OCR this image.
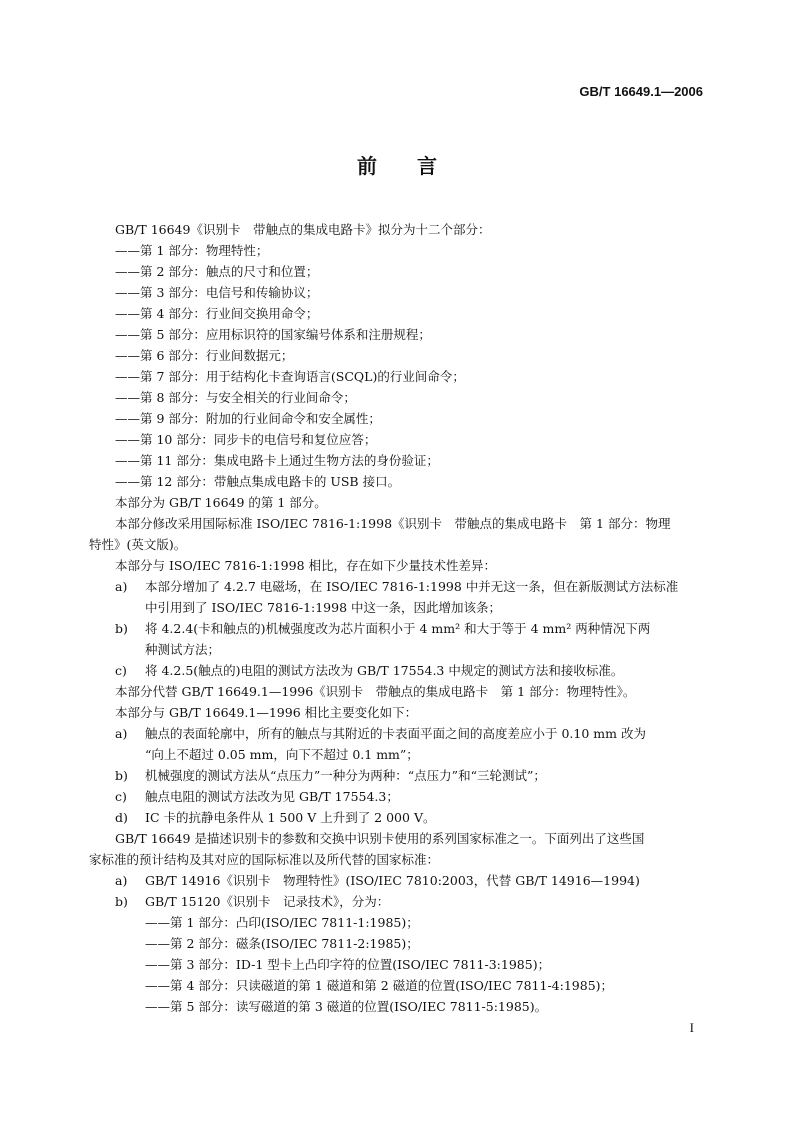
GB/T 16649.1—2006
前言
GB/T 16649《识别卡　带触点的集成电路卡》拟分为十二个部分：
——第 1 部分：物理特性；
——第 2 部分：触点的尺寸和位置；
——第 3 部分：电信号和传输协议；
——第 4 部分：行业间交换用命令；
——第 5 部分：应用标识符的国家编号体系和注册规程；
——第 6 部分：行业间数据元；
——第 7 部分：用于结构化卡查询语言(SCQL)的行业间命令；
——第 8 部分：与安全相关的行业间命令；
——第 9 部分：附加的行业间命令和安全属性；
——第 10 部分：同步卡的电信号和复位应答；
——第 11 部分：集成电路卡上通过生物方法的身份验证；
——第 12 部分：带触点集成电路卡的 USB 接口。
本部分为 GB/T 16649 的第 1 部分。
本部分修改采用国际标准 ISO/IEC 7816-1:1998《识别卡　带触点的集成电路卡　第 1 部分：物理
特性》(英文版)。
本部分与 ISO/IEC 7816-1:1998 相比，存在如下少量技术性差异：
a)	本部分增加了 4.2.7 电磁场，在 ISO/IEC 7816-1:1998 中并无这一条，但在新版测试方法标准
中引用到了 ISO/IEC 7816-1:1998 中这一条，因此增加该条；
b)	将 4.2.4(卡和触点的)机械强度改为芯片面积小于 4 mm² 和大于等于 4 mm² 两种情况下两
种测试方法；
c)	将 4.2.5(触点的)电阻的测试方法改为 GB/T 17554.3 中规定的测试方法和接收标准。
本部分代替 GB/T 16649.1—1996《识别卡　带触点的集成电路卡　第 1 部分：物理特性》。
本部分与 GB/T 16649.1—1996 相比主要变化如下：
a)	触点的表面轮廓中，所有的触点与其附近的卡表面平面之间的高度差应小于 0.10 mm 改为
“向上不超过 0.05 mm，向下不超过 0.1 mm”；
b)	机械强度的测试方法从“点压力”一种分为两种：“点压力”和“三轮测试”；
c)	触点电阻的测试方法改为见 GB/T 17554.3；
d)	IC 卡的抗静电条件从 1 500 V 上升到了 2 000 V。
GB/T 16649 是描述识别卡的参数和交换中识别卡使用的系列国家标准之一。下面列出了这些国
家标准的预计结构及其对应的国际标准以及所代替的国家标准：
a)	GB/T 14916《识别卡　物理特性》(ISO/IEC 7810:2003，代替 GB/T 14916—1994)
b)	GB/T 15120《识别卡　记录技术》，分为：
——第 1 部分：凸印(ISO/IEC 7811-1:1985)；
——第 2 部分：磁条(ISO/IEC 7811-2:1985)；
——第 3 部分：ID-1 型卡上凸印字符的位置(ISO/IEC 7811-3:1985)；
——第 4 部分：只读磁道的第 1 磁道和第 2 磁道的位置(ISO/IEC 7811-4:1985)；
——第 5 部分：读写磁道的第 3 磁道的位置(ISO/IEC 7811-5:1985)。
I
